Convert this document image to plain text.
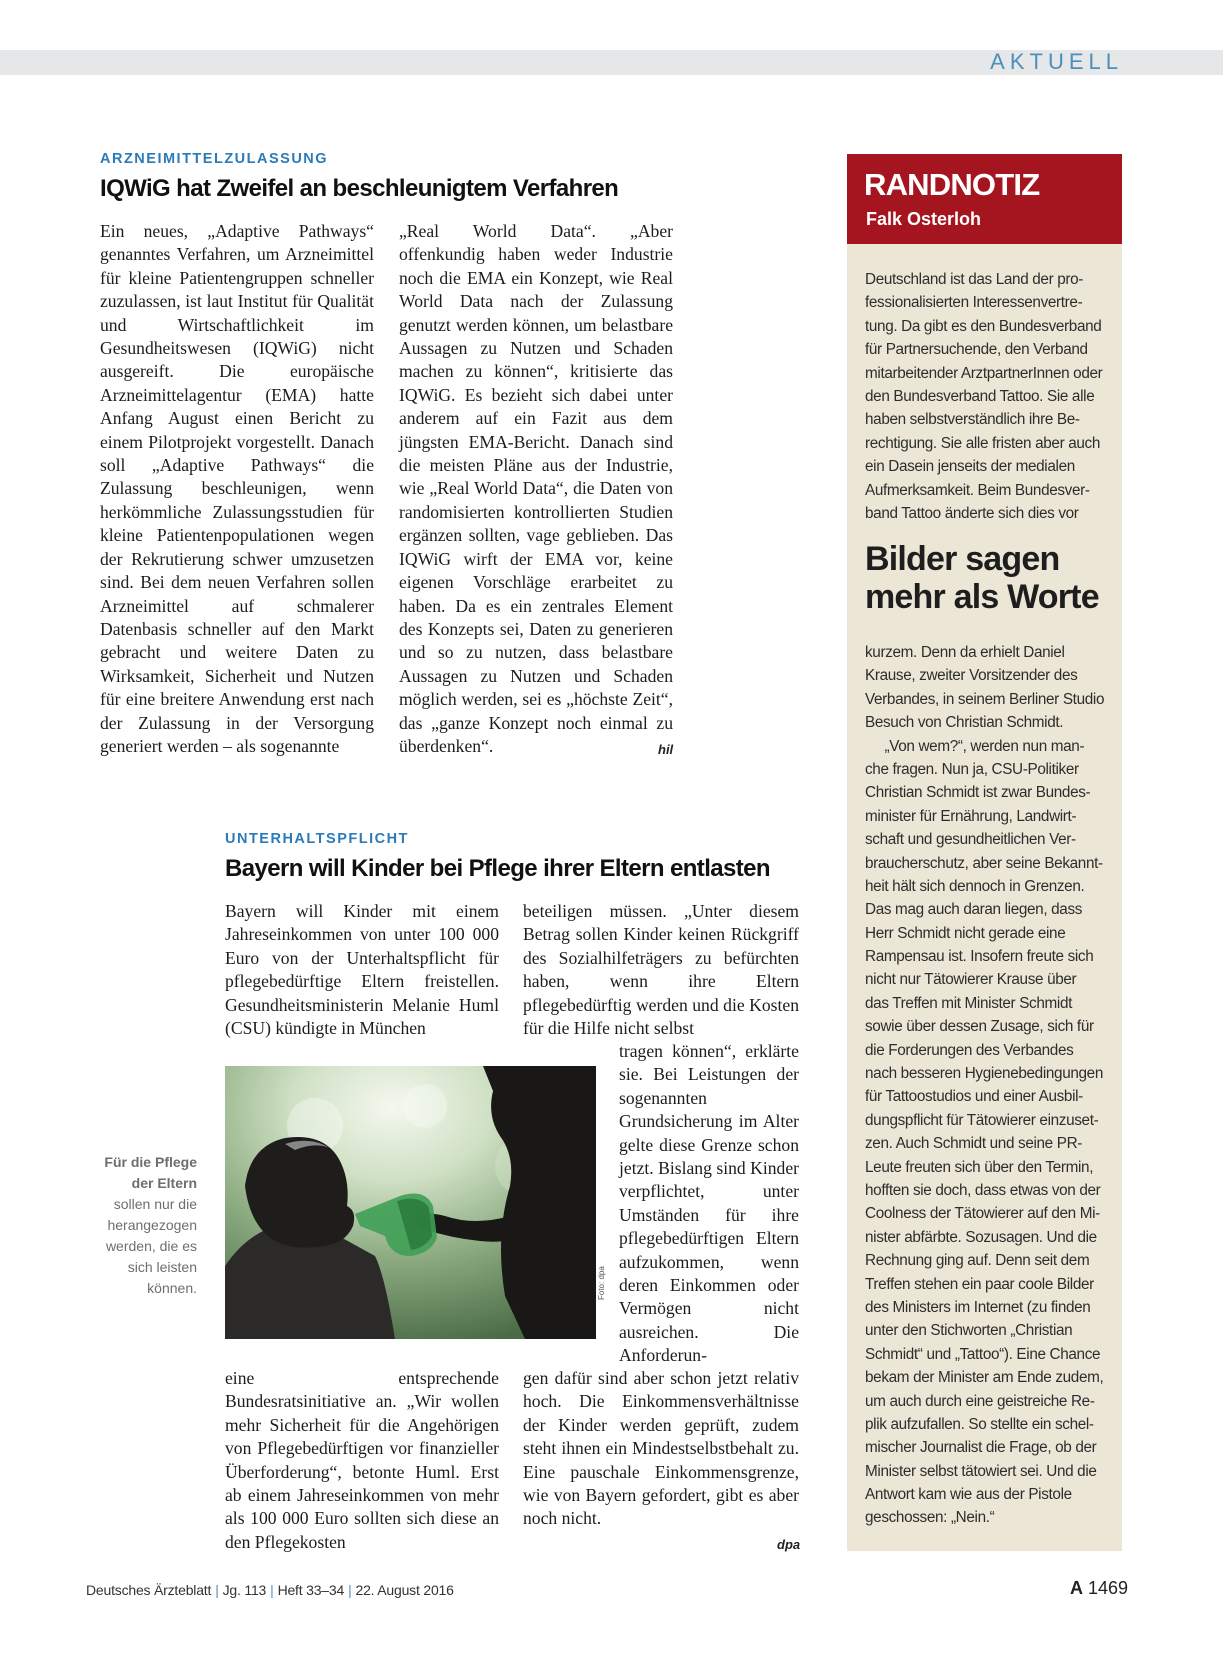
AKTUELL
ARZNEIMITTELZULASSUNG
IQWiG hat Zweifel an beschleunigtem Verfahren
Ein neues, „Adaptive Pathways“ genanntes Verfahren, um Arzneimittel für kleine Patientengruppen schneller zuzulassen, ist laut Institut für Qualität und Wirtschaftlichkeit im Gesundheitswesen (IQWiG) nicht ausgereift. Die europäische Arzneimittelagentur (EMA) hatte Anfang August einen Bericht zu einem Pilotprojekt vorgestellt. Danach soll „Adaptive Pathways“ die Zulassung beschleunigen, wenn herkömmliche Zulassungsstudien für kleine Patientenpopulationen wegen der Rekrutierung schwer umzusetzen sind. Bei dem neuen Verfahren sollen Arzneimittel auf schmalerer Datenbasis schneller auf den Markt gebracht und weitere Daten zu Wirksamkeit, Sicherheit und Nutzen für eine breitere Anwendung erst nach der Zulassung in der Versorgung generiert werden – als sogenannte
„Real World Data“. „Aber offenkundig haben weder Industrie noch die EMA ein Konzept, wie Real World Data nach der Zulassung genutzt werden können, um belastbare Aussagen zu Nutzen und Schaden machen zu können“, kritisierte das IQWiG. Es bezieht sich dabei unter anderem auf ein Fazit aus dem jüngsten EMA-Bericht. Danach sind die meisten Pläne aus der Industrie, wie „Real World Data“, die Daten von randomisierten kontrollierten Studien ergänzen sollten, vage geblieben. Das IQWiG wirft der EMA vor, keine eigenen Vorschläge erarbeitet zu haben. Da es ein zentrales Element des Konzepts sei, Daten zu generieren und so zu nutzen, dass belastbare Aussagen zu Nutzen und Schaden möglich werden, sei es „höchste Zeit“, das „ganze Konzept noch einmal zu überdenken“.	hil
UNTERHALTSPFLICHT
Bayern will Kinder bei Pflege ihrer Eltern entlasten
Bayern will Kinder mit einem Jahreseinkommen von unter 100 000 Euro von der Unterhaltspflicht für pflegebedürftige Eltern freistellen. Gesundheitsministerin Melanie Huml (CSU) kündigte in München
Foto: dpa
Für die Pflege der Eltern sollen nur die herangezogen werden, die es sich leisten können.
eine entsprechende Bundesratsinitiative an. „Wir wollen mehr Sicherheit für die Angehörigen von Pflegebedürftigen vor finanzieller Überforderung“, betonte Huml. Erst ab einem Jahreseinkommen von mehr als 100 000 Euro sollten sich diese an den Pflegekosten
beteiligen müssen. „Unter diesem Betrag sollen Kinder keinen Rückgriff des Sozialhilfeträgers zu befürchten haben, wenn ihre Eltern pflegebedürftig werden und die Kosten für die Hilfe nicht selbst
tragen können“, erklärte sie. Bei Leistungen der sogenannten Grundsicherung im Alter gelte diese Grenze schon jetzt. Bislang sind Kinder verpflichtet, unter Umständen für ihre pflegebedürftigen Eltern aufzukommen, wenn deren Einkommen oder Vermögen nicht ausreichen. Die Anforderun-
gen dafür sind aber schon jetzt relativ hoch. Die Einkommensverhältnisse der Kinder werden geprüft, zudem steht ihnen ein Mindestselbstbehalt zu. Eine pauschale Einkommensgrenze, wie von Bayern gefordert, gibt es aber noch nicht.
dpa
RANDNOTIZ
Falk Osterloh
Deutschland ist das Land der pro-
fessionalisierten Interessenvertre-
tung. Da gibt es den Bundesverband
für Partnersuchende, den Verband
mitarbeitender ArztpartnerInnen oder
den Bundesverband Tattoo. Sie alle
haben selbstverständlich ihre Be-
rechtigung. Sie alle fristen aber auch
ein Dasein jenseits der medialen
Aufmerksamkeit. Beim Bundesver-
band Tattoo änderte sich dies vor
Bilder sagen
mehr als Worte
kurzem. Denn da erhielt Daniel
Krause, zweiter Vorsitzender des
Verbandes, in seinem Berliner Studio
Besuch von Christian Schmidt.
„Von wem?“, werden nun man-
che fragen. Nun ja, CSU-Politiker
Christian Schmidt ist zwar Bundes-
minister für Ernährung, Landwirt-
schaft und gesundheitlichen Ver-
braucherschutz, aber seine Bekannt-
heit hält sich dennoch in Grenzen.
Das mag auch daran liegen, dass
Herr Schmidt nicht gerade eine
Rampensau ist. Insofern freute sich
nicht nur Tätowierer Krause über
das Treffen mit Minister Schmidt
sowie über dessen Zusage, sich für
die Forderungen des Verbandes
nach besseren Hygienebedingungen
für Tattoostudios und einer Ausbil-
dungspflicht für Tätowierer einzuset-
zen. Auch Schmidt und seine PR-
Leute freuten sich über den Termin,
hofften sie doch, dass etwas von der
Coolness der Tätowierer auf den Mi-
nister abfärbte. Sozusagen. Und die
Rechnung ging auf. Denn seit dem
Treffen stehen ein paar coole Bilder
des Ministers im Internet (zu finden
unter den Stichworten „Christian
Schmidt“ und „Tattoo“). Eine Chance
bekam der Minister am Ende zudem,
um auch durch eine geistreiche Re-
plik aufzufallen. So stellte ein schel-
mischer Journalist die Frage, ob der
Minister selbst tätowiert sei. Und die
Antwort kam wie aus der Pistole
geschossen: „Nein.“
Deutsches Ärzteblatt | Jg. 113 | Heft 33–34 | 22. August 2016	A 1469
